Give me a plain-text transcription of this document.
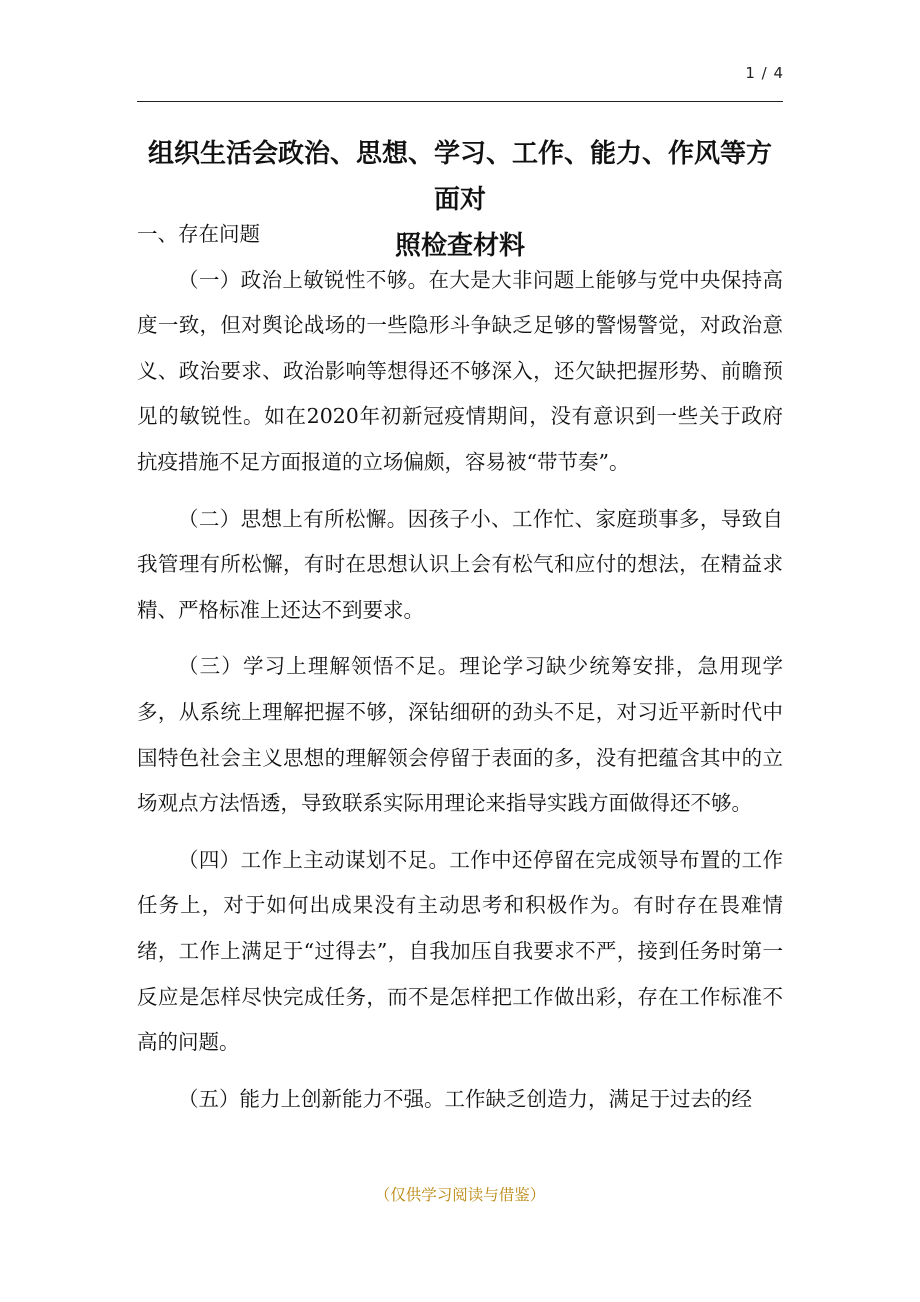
1 / 4
组织生活会政治、思想、学习、工作、能力、作风等方面对
照检查材料
一、存在问题

（一）政治上敏锐性不够。在大是大非问题上能够与党中央保持高度一致，但对舆论战场的一些隐形斗争缺乏足够的警惕警觉，对政治意义、政治要求、政治影响等想得还不够深入，还欠缺把握形势、前瞻预见的敏锐性。如在2020年初新冠疫情期间，没有意识到一些关于政府抗疫措施不足方面报道的立场偏颇，容易被“带节奏”。

（二）思想上有所松懈。因孩子小、工作忙、家庭琐事多，导致自我管理有所松懈，有时在思想认识上会有松气和应付的想法，在精益求精、严格标准上还达不到要求。

（三）学习上理解领悟不足。理论学习缺少统筹安排，急用现学多，从系统上理解把握不够，深钻细研的劲头不足，对习近平新时代中国特色社会主义思想的理解领会停留于表面的多，没有把蕴含其中的立场观点方法悟透，导致联系实际用理论来指导实践方面做得还不够。

（四）工作上主动谋划不足。工作中还停留在完成领导布置的工作任务上，对于如何出成果没有主动思考和积极作为。有时存在畏难情绪，工作上满足于“过得去”，自我加压自我要求不严，接到任务时第一反应是怎样尽快完成任务，而不是怎样把工作做出彩，存在工作标准不高的问题。

（五）能力上创新能力不强。工作缺乏创造力，满足于过去的经

（仅供学习阅读与借鉴）
